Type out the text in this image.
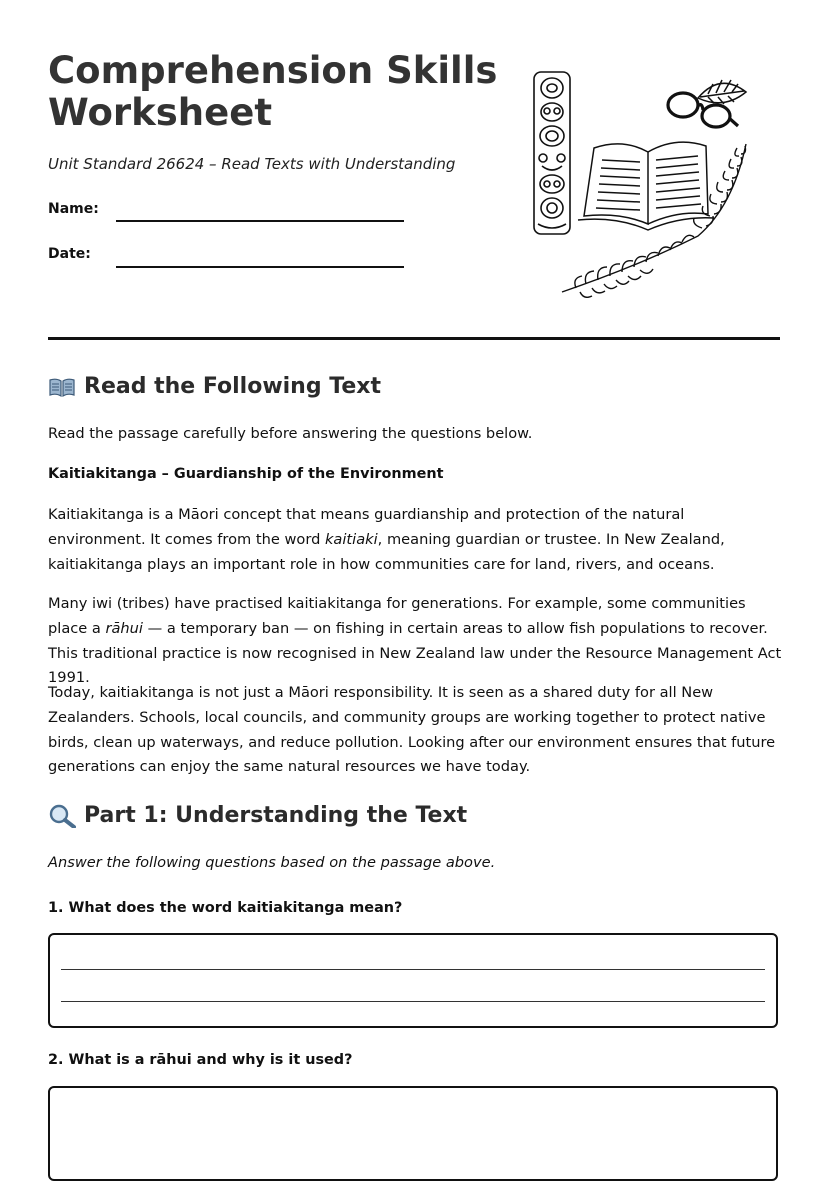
Comprehension Skills
Worksheet

Unit Standard 26624 – Read Texts with Understanding

Name:
Date:
Read the Following Text

Read the passage carefully before answering the questions below.

Kaitiakitanga – Guardianship of the Environment

Kaitiakitanga is a Māori concept that means guardianship and protection of the natural environment. It comes from the word kaitiaki, meaning guardian or trustee. In New Zealand, kaitiakitanga plays an important role in how communities care for land, rivers, and oceans.

Many iwi (tribes) have practised kaitiakitanga for generations. For example, some communities place a rāhui — a temporary ban — on fishing in certain areas to allow fish populations to recover. This traditional practice is now recognised in New Zealand law under the Resource Management Act 1991.

Today, kaitiakitanga is not just a Māori responsibility. It is seen as a shared duty for all New Zealanders. Schools, local councils, and community groups are working together to protect native birds, clean up waterways, and reduce pollution. Looking after our environment ensures that future generations can enjoy the same natural resources we have today.

Part 1: Understanding the Text

Answer the following questions based on the passage above.

1. What does the word kaitiakitanga mean?

2. What is a rāhui and why is it used?
